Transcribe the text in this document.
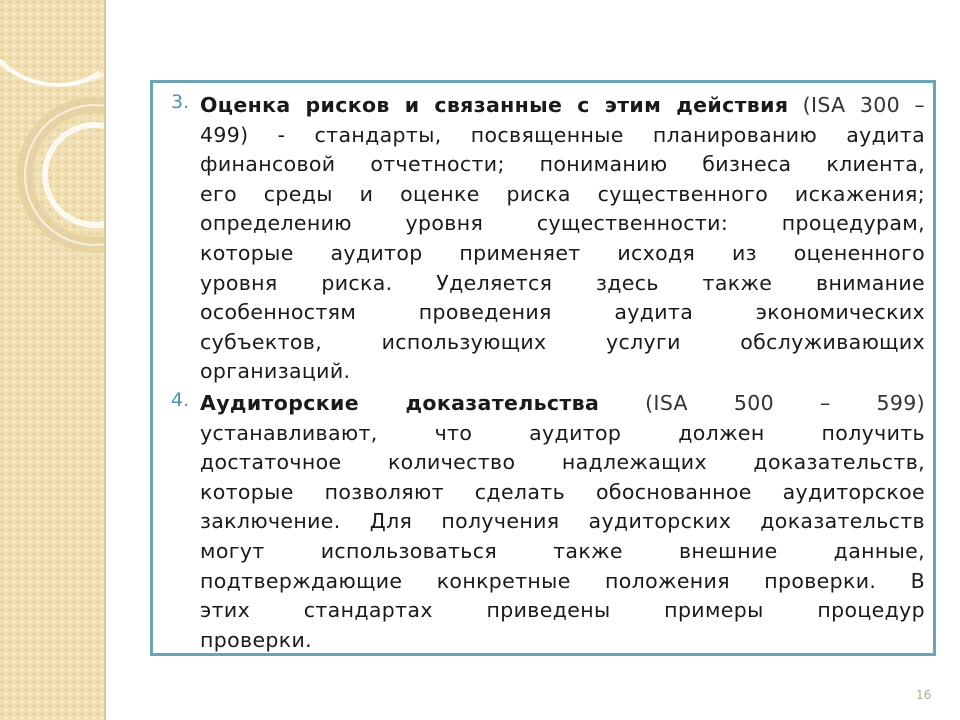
3. Оценка рисков и связанные с этим действия (ISA 300 –
499) - стандарты, посвященные планированию аудита
финансовой отчетности; пониманию бизнеса клиента,
его среды и оценке риска существенного искажения;
определению уровня существенности: процедурам,
которые аудитор применяет исходя из оцененного
уровня риска. Уделяется здесь также внимание
особенностям проведения аудита экономических
субъектов, использующих услуги обслуживающих
организаций.
4. Аудиторские доказательства (ISA 500 – 599)
устанавливают, что аудитор должен получить
достаточное количество надлежащих доказательств,
которые позволяют сделать обоснованное аудиторское
заключение. Для получения аудиторских доказательств
могут использоваться также внешние данные,
подтверждающие конкретные положения проверки. В
этих стандартах приведены примеры процедур
проверки.
16
